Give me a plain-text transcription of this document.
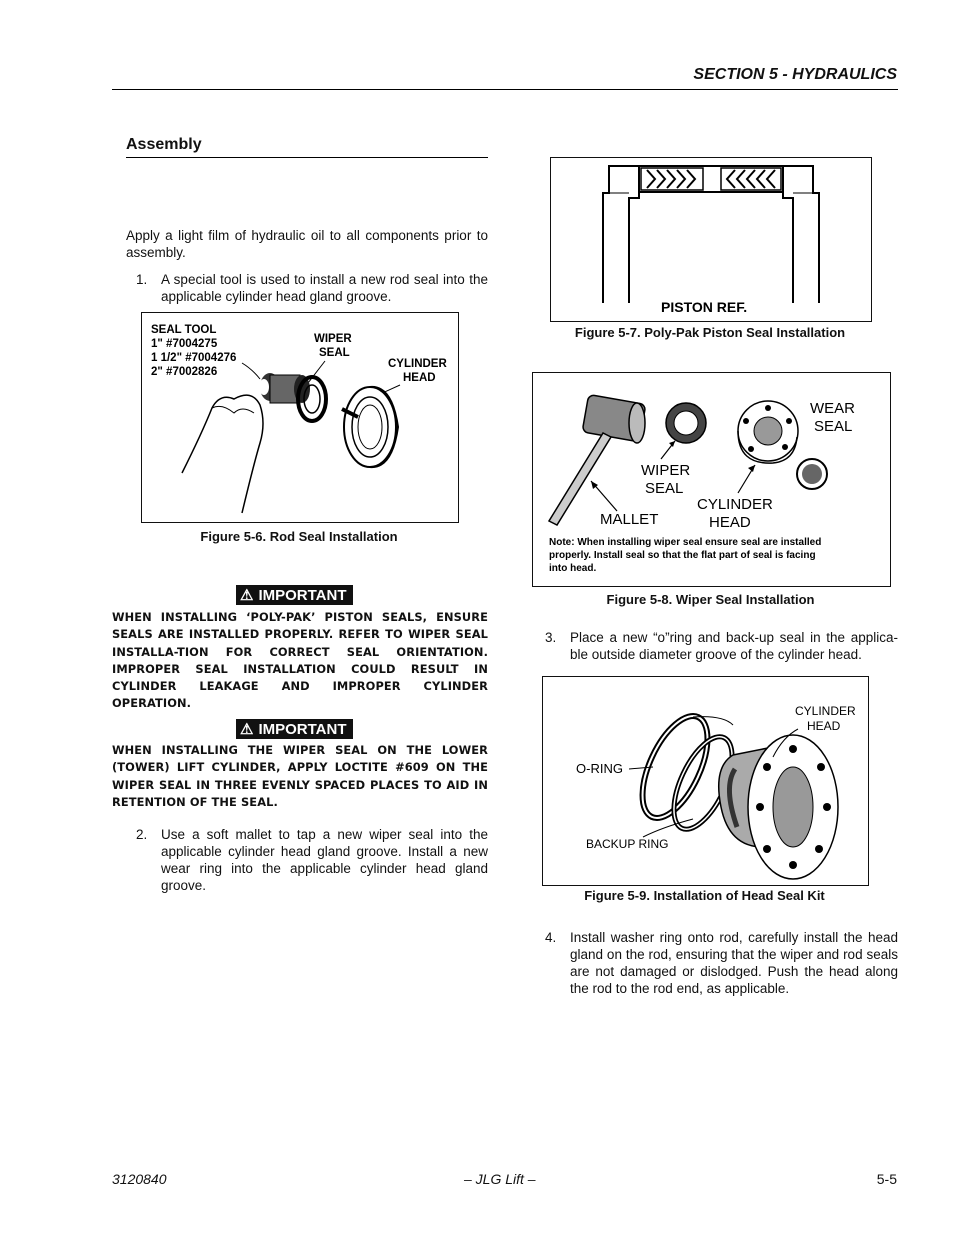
SECTION 5 - HYDRAULICS
Assembly
Apply a light film of hydraulic oil to all components prior to assembly.
1.	A special tool is used to install a new rod seal into the applicable cylinder head gland groove.
SEAL TOOL
1" #7004275
1 1/2" #7004276
2" #7002826
WIPER
SEAL
CYLINDER
HEAD
Figure 5-6. Rod Seal Installation
⚠ IMPORTANT
WHEN INSTALLING ‘POLY-PAK’ PISTON SEALS, ENSURE SEALS ARE INSTALLED PROPERLY. REFER TO WIPER SEAL INSTALLA-TION FOR CORRECT SEAL ORIENTATION. IMPROPER SEAL INSTALLATION COULD RESULT IN CYLINDER LEAKAGE AND IMPROPER CYLINDER OPERATION.
⚠ IMPORTANT
WHEN INSTALLING THE WIPER SEAL ON THE LOWER (TOWER) LIFT CYLINDER, APPLY LOCTITE #609 ON THE WIPER SEAL IN THREE EVENLY SPACED PLACES TO AID IN RETENTION OF THE SEAL.
2.	Use a soft mallet to tap a new wiper seal into the applicable cylinder head gland groove. Install a new wear ring into the applicable cylinder head gland groove.
PISTON REF.
Figure 5-7. Poly-Pak Piston Seal Installation
WEAR
SEAL
WIPER
SEAL
CYLINDER
HEAD
MALLET
Note: When installing wiper seal ensure seal are installed
properly. Install seal so that the flat part of seal is facing
into head.
Figure 5-8. Wiper Seal Installation
3.	Place a new “o”ring and back-up seal in the applica-ble outside diameter groove of the cylinder head.
CYLINDER
HEAD
O-RING
BACKUP RING
Figure 5-9. Installation of Head Seal Kit
4.	Install washer ring onto rod, carefully install the head gland on the rod, ensuring that the wiper and rod seals are not damaged or dislodged. Push the head along the rod to the rod end, as applicable.
3120840	– JLG Lift –	5-5
